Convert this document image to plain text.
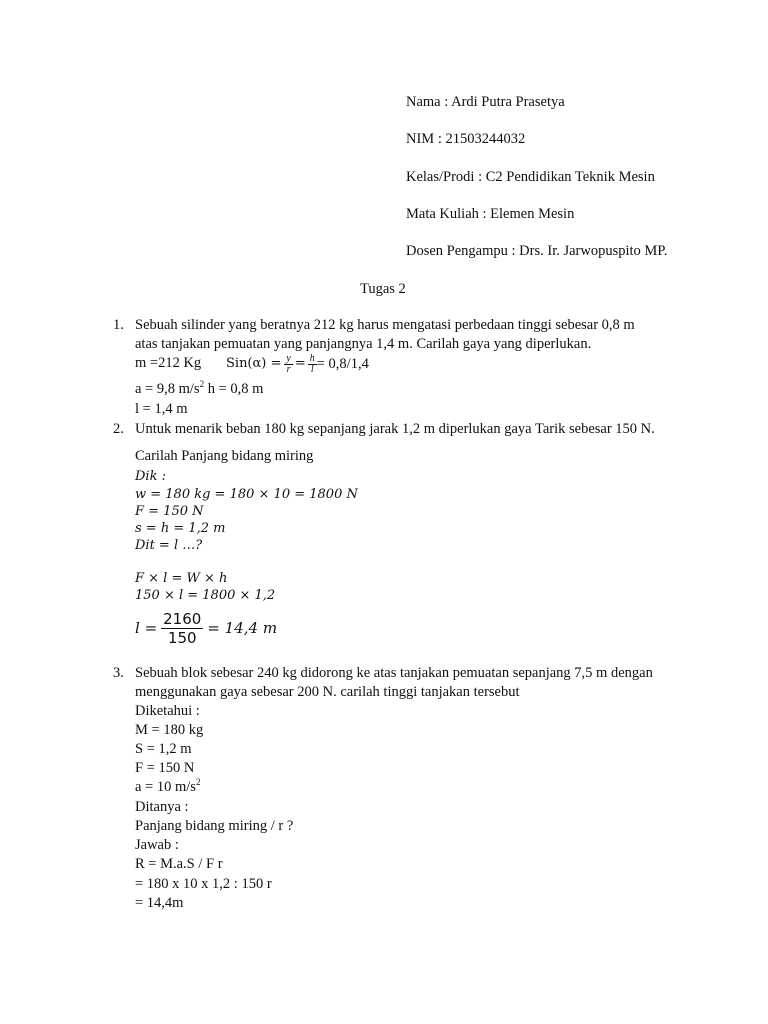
Nama : Ardi Putra Prasetya
NIM : 21503244032
Kelas/Prodi : C2 Pendidikan Teknik Mesin
Mata Kuliah : Elemen Mesin
Dosen Pengampu : Drs. Ir. Jarwopuspito MP.
Tugas 2
1. Sebuah silinder yang beratnya 212 kg harus mengatasi perbedaan tinggi sebesar 0,8 m
atas tanjakan pemuatan yang panjangnya 1,4 m. Carilah gaya yang diperlukan.
m =212 Kg $Sin(\alpha) = \frac{y}{r} = \frac{h}{l} = 0,8/1,4$
a = 9,8 $m/s^2$ h = 0,8 m
l = 1,4 m
2. Untuk menarik beban 180 kg sepanjang jarak 1,2 m diperlukan gaya Tarik sebesar 150 N.
Carilah Panjang bidang miring
Dik :
w = 180 kg = 180 × 10 = 1800 N
F = 150 N
s = h = 1,2 m
Dit = l …?
F × l = W × h
150 × l = 1800 × 1,2
$l = \frac{2160}{150} = 14,4$ m
3. Sebuah blok sebesar 240 kg didorong ke atas tanjakan pemuatan sepanjang 7,5 m dengan
menggunakan gaya sebesar 200 N. carilah tinggi tanjakan tersebut
Diketahui :
M = 180 kg
S = 1,2 m
F = 150 N
a = 10 $m/s^2$
Ditanya :
Panjang bidang miring / r ?
Jawab :
R = M.a.S / F r
= 180 x 10 x 1,2 : 150 r
= 14,4m
